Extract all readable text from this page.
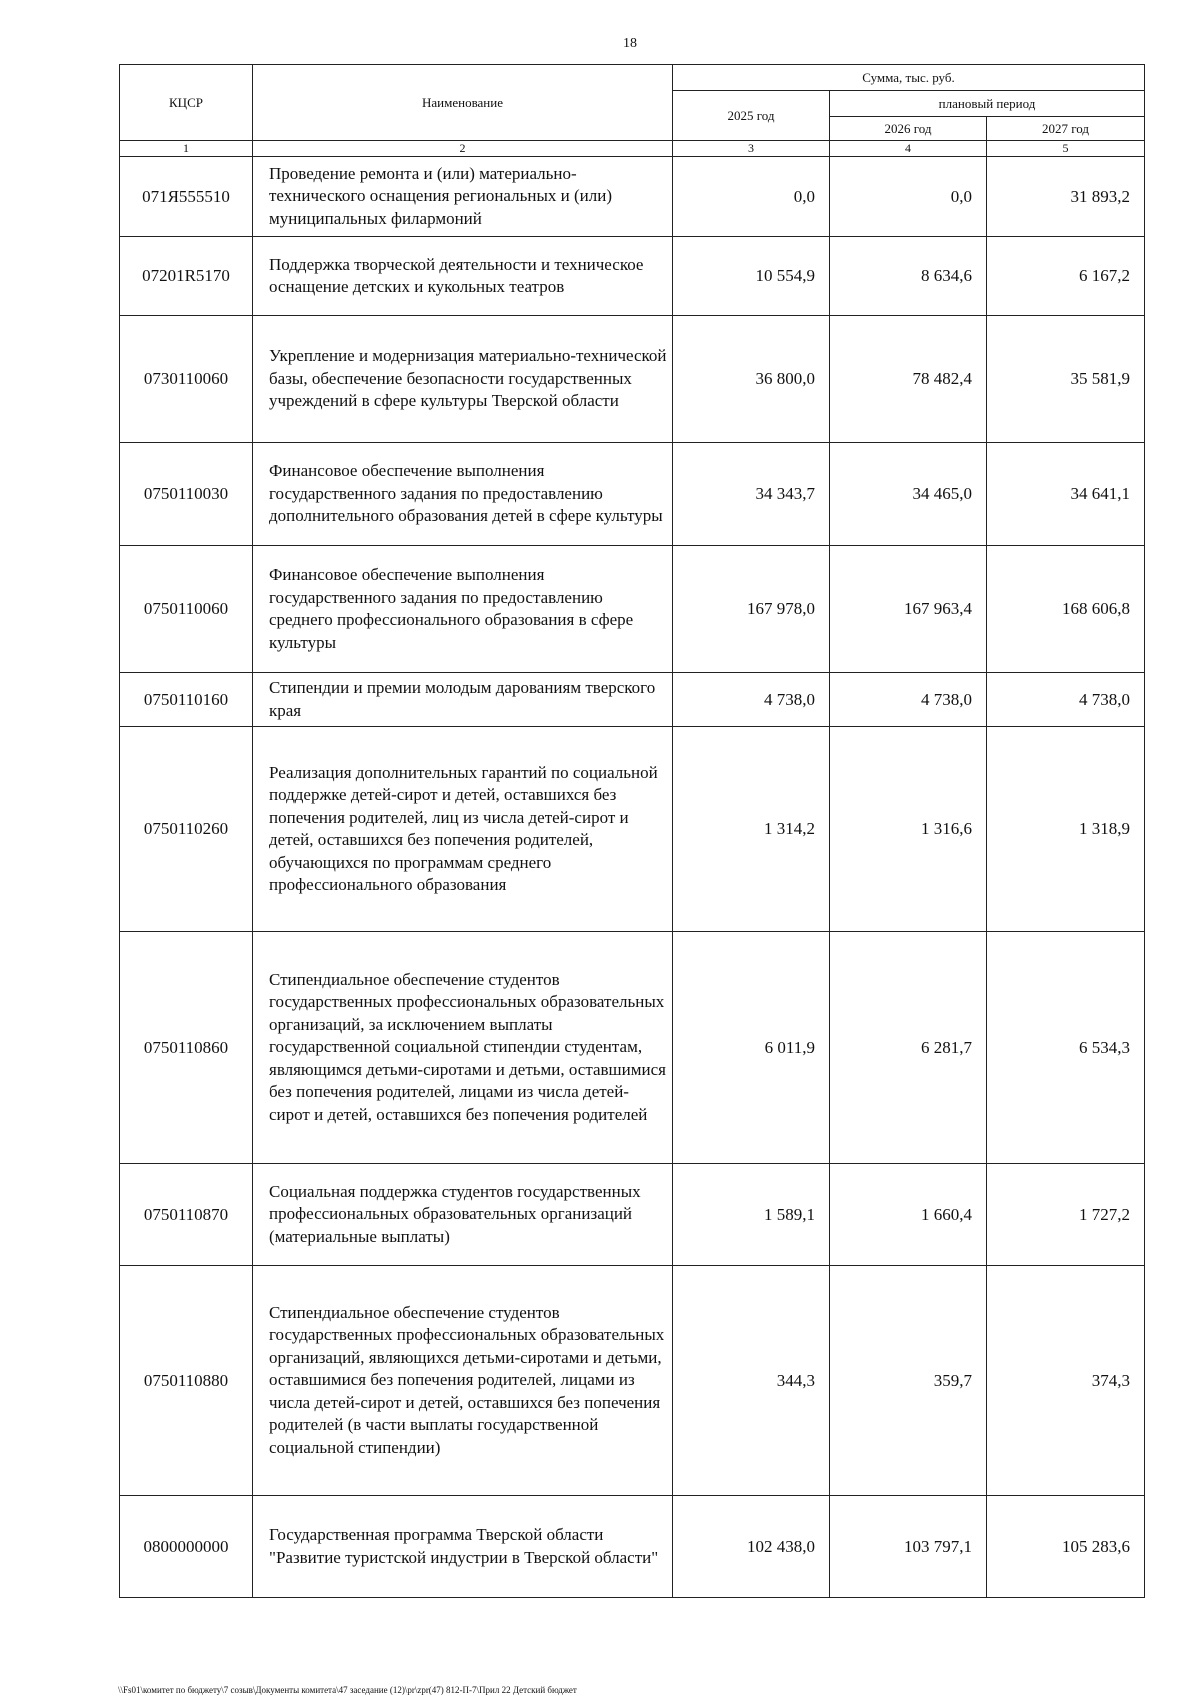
18
КЦСР	Наименование	Сумма, тыс. руб.		
		2025 год	плановый период	
			2026 год	2027 год
1	2	3	4	5
071Я555510	Проведение ремонта и (или) материально-технического оснащения региональных и (или) муниципальных филармоний	0,0	0,0	31 893,2
07201R5170	Поддержка творческой деятельности и техническое оснащение детских и кукольных театров	10 554,9	8 634,6	6 167,2
0730110060	Укрепление и модернизация материально-технической базы, обеспечение безопасности государственных учреждений в сфере культуры Тверской области	36 800,0	78 482,4	35 581,9
0750110030	Финансовое обеспечение выполнения государственного задания по предоставлению дополнительного образования детей в сфере культуры	34 343,7	34 465,0	34 641,1
0750110060	Финансовое обеспечение выполнения государственного задания по предоставлению среднего профессионального образования в сфере культуры	167 978,0	167 963,4	168 606,8
0750110160	Стипендии и премии молодым дарованиям тверского края	4 738,0	4 738,0	4 738,0
0750110260	Реализация дополнительных гарантий по социальной поддержке детей-сирот и детей, оставшихся без попечения родителей, лиц из числа детей-сирот и детей, оставшихся без попечения родителей, обучающихся по программам среднего профессионального образования	1 314,2	1 316,6	1 318,9
0750110860	Стипендиальное обеспечение студентов государственных профессиональных образовательных организаций, за исключением выплаты государственной социальной стипендии студентам, являющимся детьми-сиротами и детьми, оставшимися без попечения родителей, лицами из числа детей-сирот и детей, оставшихся без попечения родителей	6 011,9	6 281,7	6 534,3
0750110870	Социальная поддержка студентов государственных профессиональных образовательных организаций (материальные выплаты)	1 589,1	1 660,4	1 727,2
0750110880	Стипендиальное обеспечение студентов государственных профессиональных образовательных организаций, являющихся детьми-сиротами и детьми, оставшимися без попечения родителей, лицами из числа детей-сирот и детей, оставшихся без попечения родителей (в части выплаты государственной социальной стипендии)	344,3	359,7	374,3
0800000000	Государственная программа Тверской области "Развитие туристской индустрии в Тверской области"	102 438,0	103 797,1	105 283,6
\\Fs01\комитет по бюджету\7 созыв\Документы комитета\47 заседание (12)\рr\zрr(47) 812-П-7\Прил 22 Детский бюджет
